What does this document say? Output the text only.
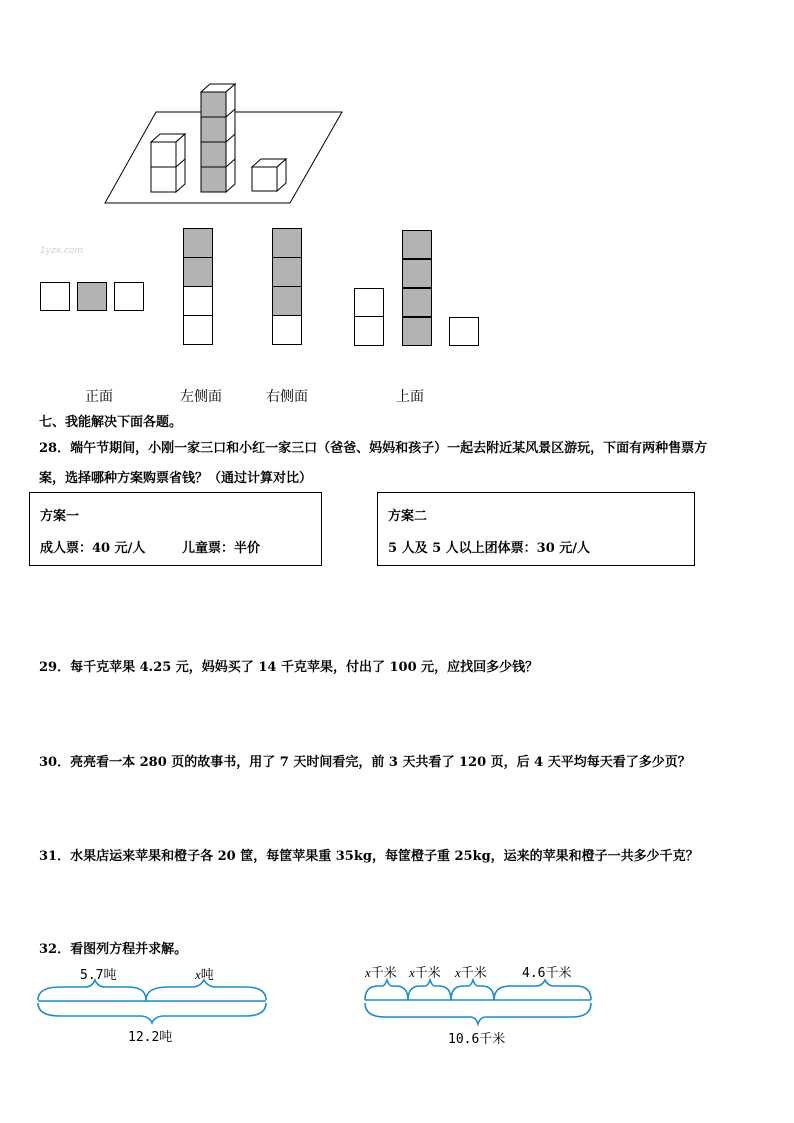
1yzx.com
正面	左侧面	右侧面	上面
七、我能解决下面各题。
28．端午节期间，小刚一家三口和小红一家三口（爸爸、妈妈和孩子）一起去附近某风景区游玩，下面有两种售票方
案，选择哪种方案购票省钱？（通过计算对比）
方案一
成人票：40 元/人	儿童票：半价
方案二
5 人及 5 人以上团体票：30 元/人
29．每千克苹果 4.25 元，妈妈买了 14 千克苹果，付出了 100 元，应找回多少钱？
30．亮亮看一本 280 页的故事书，用了 7 天时间看完，前 3 天共看了 120 页，后 4 天平均每天看了多少页？
31．水果店运来苹果和橙子各 20 筐，每筐苹果重 35kg，每筐橙子重 25kg，运来的苹果和橙子一共多少千克？
32．看图列方程并求解。
5.7吨	x吨
12.2吨
x千米 x千米 x千米	4.6千米
10.6千米
